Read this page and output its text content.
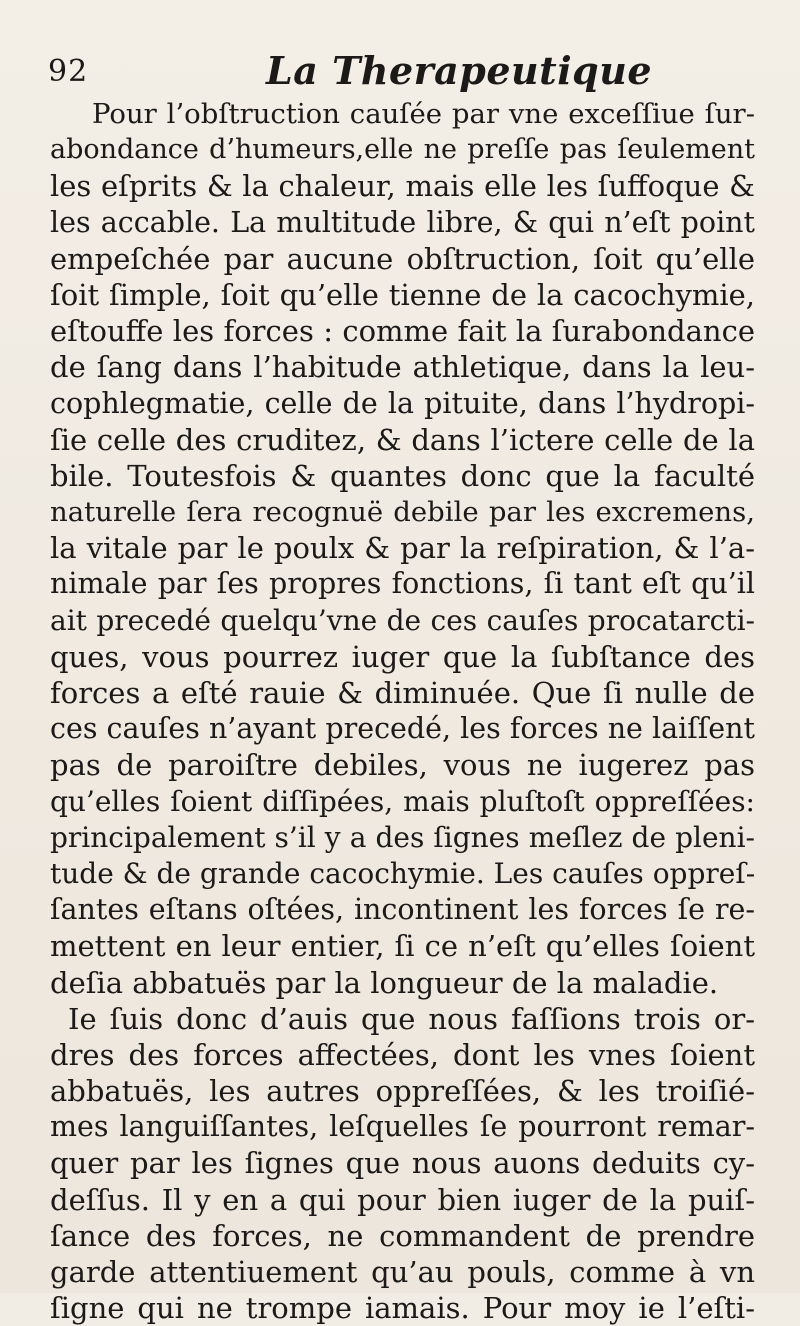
92	La Therapeutique
Pour l’obſtruction cauſée par vne exceſſiue ſur-
abondance d’humeurs,elle ne preſſe pas ſeulement
les eſprits & la chaleur, mais elle les ſuffoque &
les accable. La multitude libre, & qui n’eſt point
empeſchée par aucune obſtruction, ſoit qu’elle
ſoit ſimple, ſoit qu’elle tienne de la cacochymie,
eſtouffe les forces : comme fait la ſurabondance
de ſang dans l’habitude athletique, dans la leu-
cophlegmatie, celle de la pituite, dans l’hydropi-
ſie celle des cruditez, & dans l’ictere celle de la
bile. Toutesfois & quantes donc que la faculté
naturelle ſera recognuë debile par les excremens,
la vitale par le poulx & par la reſpiration, & l’a-
nimale par ſes propres fonctions, ſi tant eſt qu’il
ait precedé quelqu’vne de ces cauſes procatarcti-
ques, vous pourrez iuger que la ſubſtance des
forces a eſté rauie & diminuée. Que ſi nulle de
ces cauſes n’ayant precedé, les forces ne laiſſent
pas de paroiſtre debiles, vous ne iugerez pas
qu’elles ſoient diſſipées, mais pluſtoſt oppreſſées:
principalement s’il y a des ſignes meſlez de pleni-
tude & de grande cacochymie. Les cauſes oppreſ-
ſantes eſtans oſtées, incontinent les forces ſe re-
mettent en leur entier, ſi ce n’eſt qu’elles ſoient
deſia abbatuës par la longueur de la maladie.
Ie ſuis donc d’auis que nous faſſions trois or-
dres des forces affectées, dont les vnes ſoient
abbatuës, les autres oppreſſées, & les troiſié-
mes languiſſantes, leſquelles ſe pourront remar-
quer par les ſignes que nous auons deduits cy-
deſſus. Il y en a qui pour bien iuger de la puiſ-
ſance des forces, ne commandent de prendre
garde attentiuement qu’au pouls, comme à vn
ſigne qui ne trompe iamais. Pour moy ie l’eſti-
